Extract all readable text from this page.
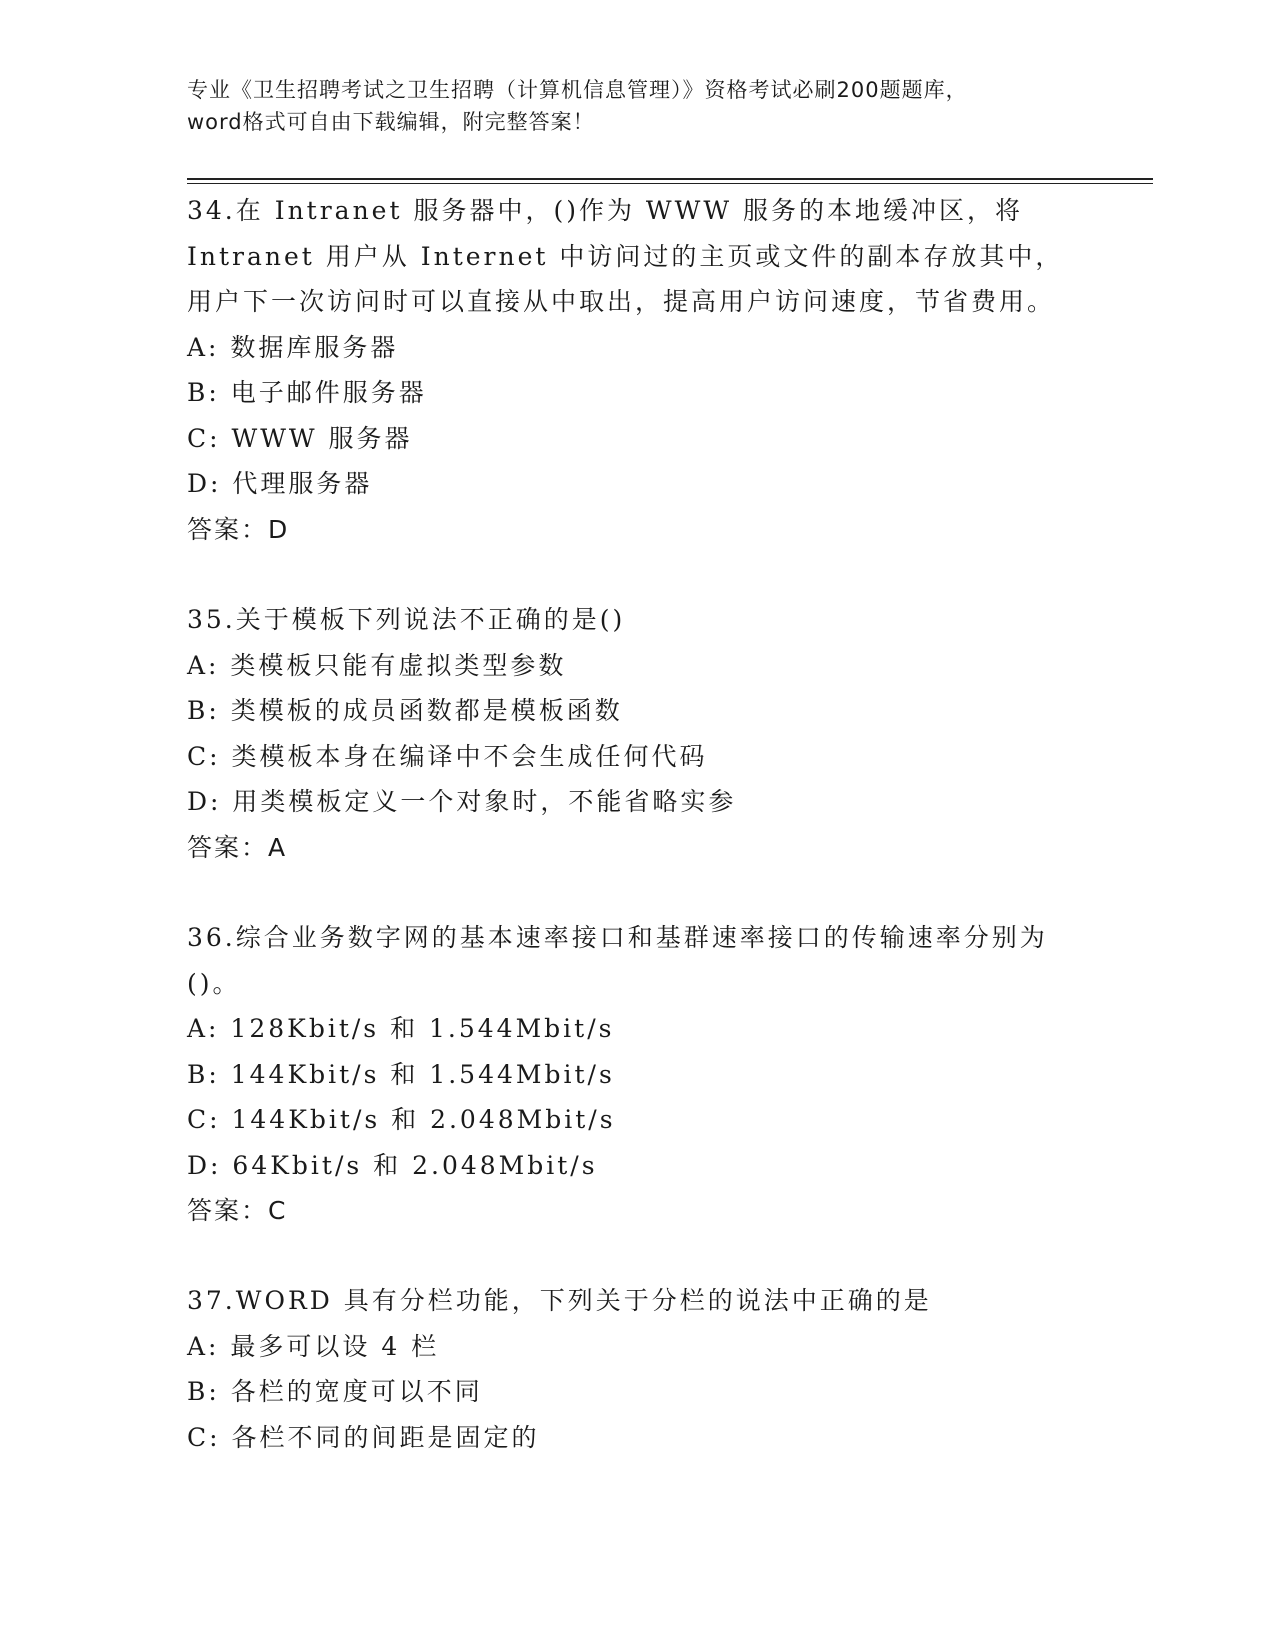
专业《卫生招聘考试之卫生招聘（计算机信息管理）》资格考试必刷200题题库，
word格式可自由下载编辑，附完整答案！
34.在 Intranet 服务器中，()作为 WWW 服务的本地缓冲区，将 Intranet 用户从 Internet 中访问过的主页或文件的副本存放其中，用户下一次访问时可以直接从中取出，提高用户访问速度，节省费用。
A: 数据库服务器
B: 电子邮件服务器
C: WWW 服务器
D: 代理服务器
答案：D
35.关于模板下列说法不正确的是()
A: 类模板只能有虚拟类型参数
B: 类模板的成员函数都是模板函数
C: 类模板本身在编译中不会生成任何代码
D: 用类模板定义一个对象时，不能省略实参
答案：A
36.综合业务数字网的基本速率接口和基群速率接口的传输速率分别为()。
A: 128Kbit/s 和 1.544Mbit/s
B: 144Kbit/s 和 1.544Mbit/s
C: 144Kbit/s 和 2.048Mbit/s
D: 64Kbit/s 和 2.048Mbit/s
答案：C
37.WORD 具有分栏功能，下列关于分栏的说法中正确的是
A: 最多可以设 4 栏
B: 各栏的宽度可以不同
C: 各栏不同的间距是固定的
